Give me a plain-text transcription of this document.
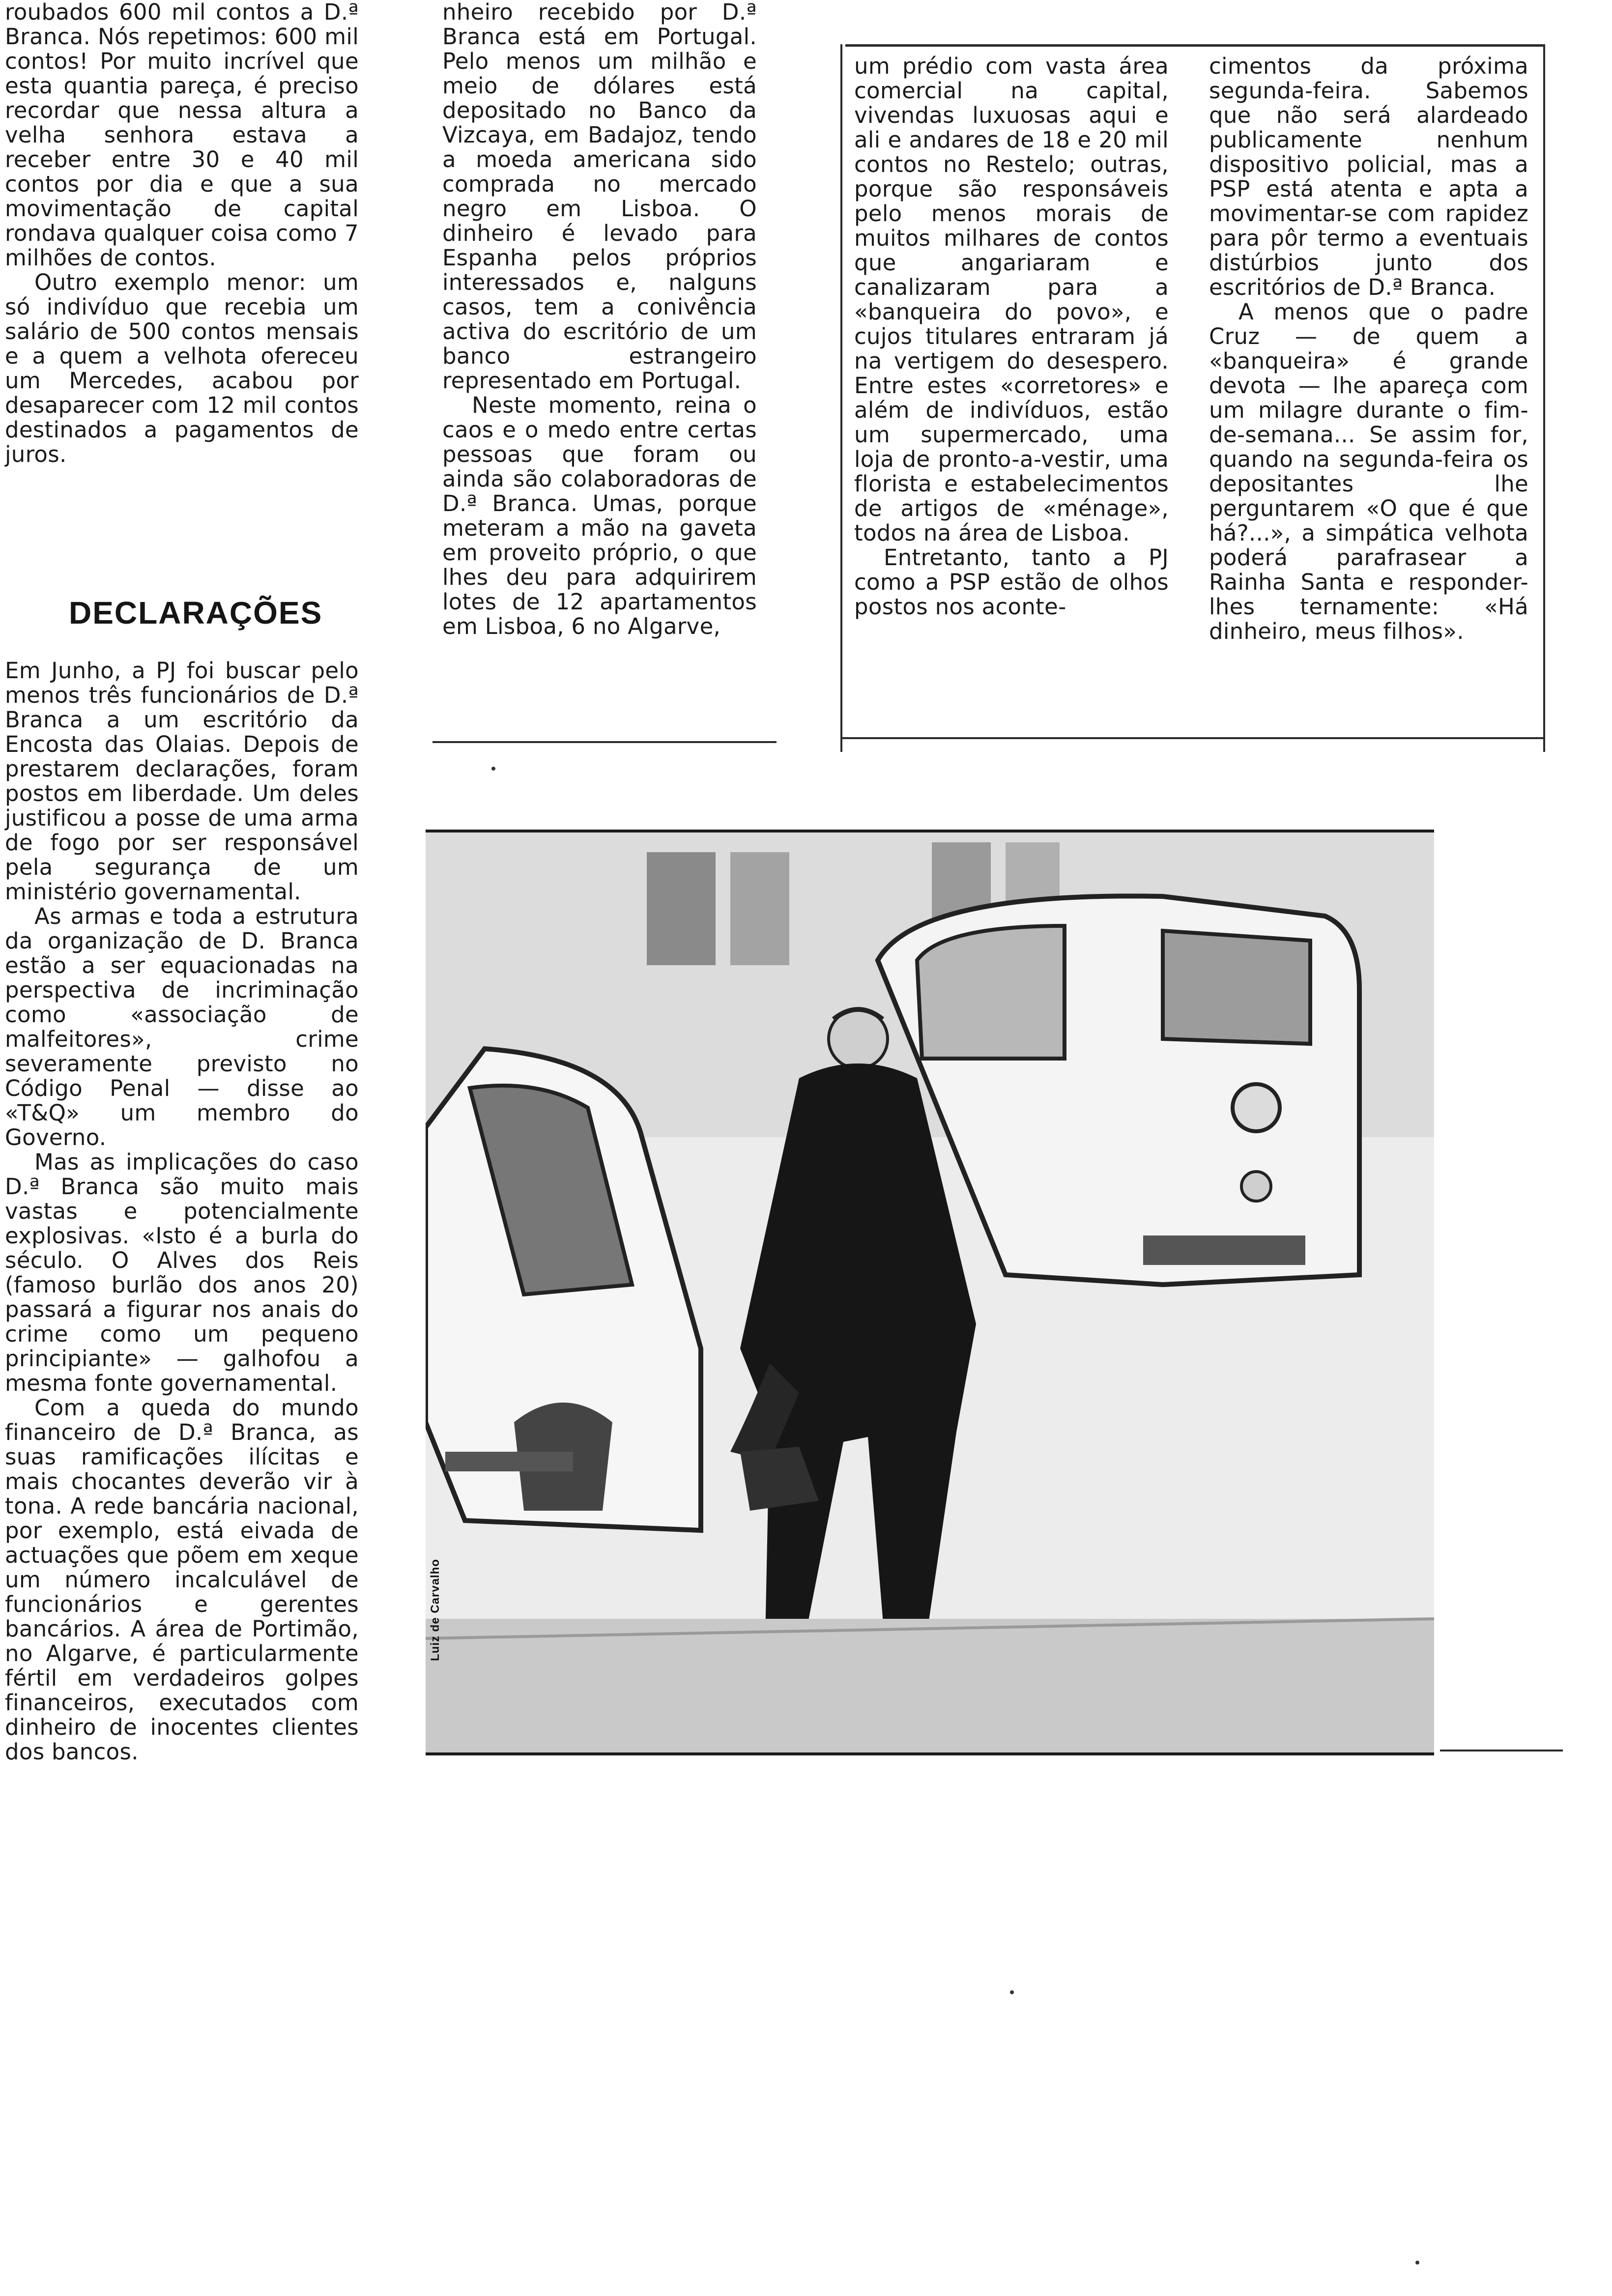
roubados 600 mil contos a D.ª Branca. Nós repetimos: 600 mil contos! Por muito incrível que esta quantia pareça, é preciso recordar que nessa altura a velha senhora estava a receber entre 30 e 40 mil contos por dia e que a sua movimentação de capital rondava qualquer coisa como 7 milhões de contos.

Outro exemplo menor: um só indivíduo que recebia um salário de 500 contos mensais e a quem a velhota ofereceu um Mercedes, acabou por desaparecer com 12 mil contos destinados a pagamentos de juros.

DECLARAÇÕES

Em Junho, a PJ foi buscar pelo menos três funcionários de D.ª Branca a um escritório da Encosta das Olaias. Depois de prestarem declarações, foram postos em liberdade. Um deles justificou a posse de uma arma de fogo por ser responsável pela segurança de um ministério governamental.

As armas e toda a estrutura da organização de D. Branca estão a ser equacionadas na perspectiva de incriminação como «associação de malfeitores», crime severamente previsto no Código Penal — disse ao «T&Q» um membro do Governo.

Mas as implicações do caso D.ª Branca são muito mais vastas e potencialmente explosivas. «Isto é a burla do século. O Alves dos Reis (famoso burlão dos anos 20) passará a figurar nos anais do crime como um pequeno principiante» — galhofou a mesma fonte governamental.

Com a queda do mundo financeiro de D.ª Branca, as suas ramificações ilícitas e mais chocantes deverão vir à tona. A rede bancária nacional, por exemplo, está eivada de actuações que põem em xeque um número incalculável de funcionários e gerentes bancários. A área de Portimão, no Algarve, é particularmente fértil em verdadeiros golpes financeiros, executados com dinheiro de inocentes clientes dos bancos.

nheiro recebido por D.ª Branca está em Portugal. Pelo menos um milhão e meio de dólares está depositado no Banco da Vizcaya, em Badajoz, tendo a moeda americana sido comprada no mercado negro em Lisboa. O dinheiro é levado para Espanha pelos próprios interessados e, nalguns casos, tem a conivência activa do escritório de um banco estrangeiro representado em Portugal.

Neste momento, reina o caos e o medo entre certas pessoas que foram ou ainda são colaboradoras de D.ª Branca. Umas, porque meteram a mão na gaveta em proveito próprio, o que lhes deu para adquirirem lotes de 12 apartamentos em Lisboa, 6 no Algarve,

um prédio com vasta área comercial na capital, vivendas luxuosas aqui e ali e andares de 18 e 20 mil contos no Restelo; outras, porque são responsáveis pelo menos morais de muitos milhares de contos que angariaram e canalizaram para a «banqueira do povo», e cujos titulares entraram já na vertigem do desespero. Entre estes «corretores» e além de indivíduos, estão um supermercado, uma loja de pronto-a-vestir, uma florista e estabelecimentos de artigos de «ménage», todos na área de Lisboa.

Entretanto, tanto a PJ como a PSP estão de olhos postos nos aconte-

cimentos da próxima segunda-feira. Sabemos que não será alardeado publicamente nenhum dispositivo policial, mas a PSP está atenta e apta a movimentar-se com rapidez para pôr termo a eventuais distúrbios junto dos escritórios de D.ª Branca.

A menos que o padre Cruz — de quem a «banqueira» é grande devota — lhe apareça com um milagre durante o fim-de-semana... Se assim for, quando na segunda-feira os depositantes lhe perguntarem «O que é que há?...», a simpática velhota poderá parafrasear a Rainha Santa e responder-lhes ternamente: «Há dinheiro, meus filhos».

Luiz de Carvalho
